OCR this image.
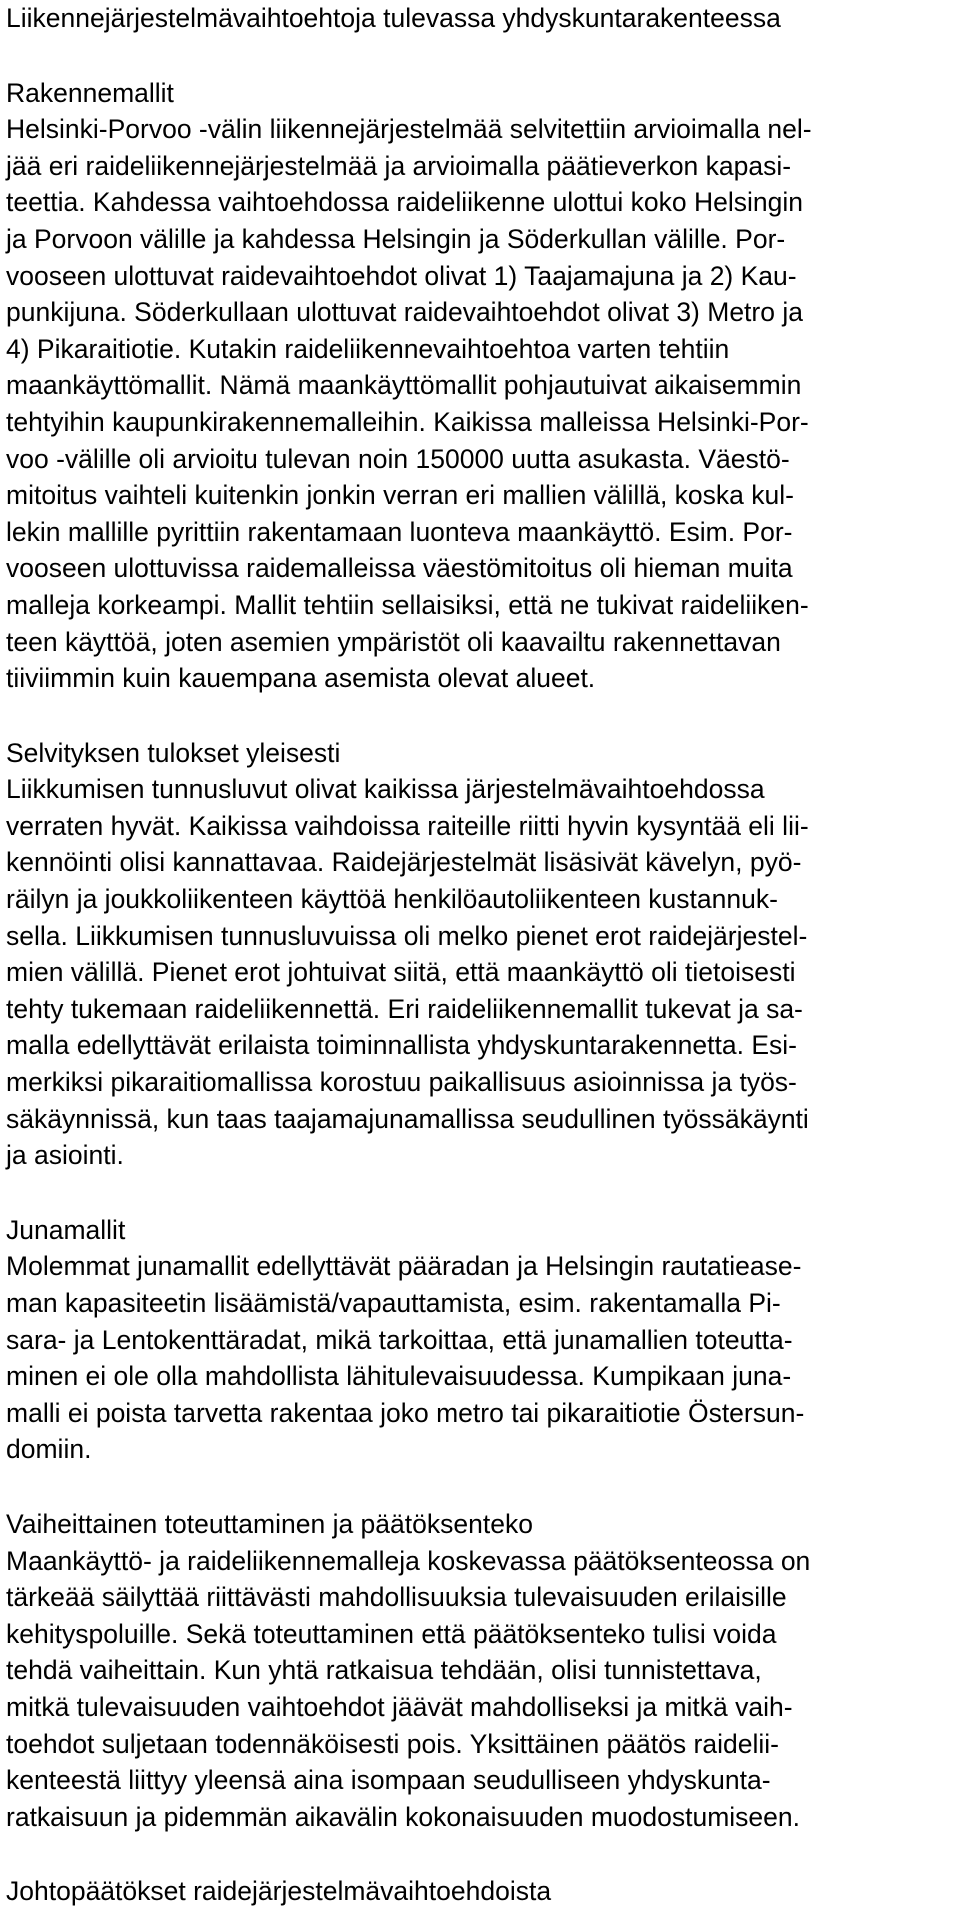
Liikennejärjestelmävaihtoehtoja tulevassa yhdyskuntarakenteessa
Rakennemallit
Helsinki-Porvoo -välin liikennejärjestelmää selvitettiin arvioimalla nel-
jää eri raideliikennejärjestelmää ja arvioimalla päätieverkon kapasi-
teettia. Kahdessa vaihtoehdossa raideliikenne ulottui koko Helsingin
ja Porvoon välille ja kahdessa Helsingin ja Söderkullan välille. Por-
vooseen ulottuvat raidevaihtoehdot olivat 1) Taajamajuna ja 2) Kau-
punkijuna. Söderkullaan ulottuvat raidevaihtoehdot olivat 3) Metro ja
4) Pikaraitiotie. Kutakin raideliikennevaihtoehtoa varten tehtiin
maankäyttömallit. Nämä maankäyttömallit pohjautuivat aikaisemmin
tehtyihin kaupunkirakennemalleihin. Kaikissa malleissa Helsinki-Por-
voo -välille oli arvioitu tulevan noin 150000 uutta asukasta. Väestö-
mitoitus vaihteli kuitenkin jonkin verran eri mallien välillä, koska kul-
lekin mallille pyrittiin rakentamaan luonteva maankäyttö. Esim. Por-
vooseen ulottuvissa raidemalleissa väestömitoitus oli hieman muita
malleja korkeampi. Mallit tehtiin sellaisiksi, että ne tukivat raideliiken-
teen käyttöä, joten asemien ympäristöt oli kaavailtu rakennettavan
tiiviimmin kuin kauempana asemista olevat alueet.
Selvityksen tulokset yleisesti
Liikkumisen tunnusluvut olivat kaikissa järjestelmävaihtoehdossa
verraten hyvät. Kaikissa vaihdoissa raiteille riitti hyvin kysyntää eli lii-
kennöinti olisi kannattavaa. Raidejärjestelmät lisäsivät kävelyn, pyö-
räilyn ja joukkoliikenteen käyttöä henkilöautoliikenteen kustannuk-
sella. Liikkumisen tunnusluvuissa oli melko pienet erot raidejärjestel-
mien välillä. Pienet erot johtuivat siitä, että maankäyttö oli tietoisesti
tehty tukemaan raideliikennettä. Eri raideliikennemallit tukevat ja sa-
malla edellyttävät erilaista toiminnallista yhdyskuntarakennetta. Esi-
merkiksi pikaraitiomallissa korostuu paikallisuus asioinnissa ja työs-
säkäynnissä, kun taas taajamajunamallissa seudullinen työssäkäynti
ja asiointi.
Junamallit
Molemmat junamallit edellyttävät pääradan ja Helsingin rautatiease-
man kapasiteetin lisäämistä/vapauttamista, esim. rakentamalla Pi-
sara- ja Lentokenttäradat, mikä tarkoittaa, että junamallien toteutta-
minen ei ole olla mahdollista lähitulevaisuudessa. Kumpikaan juna-
malli ei poista tarvetta rakentaa joko metro tai pikaraitiotie Östersun-
domiin.
Vaiheittainen toteuttaminen ja päätöksenteko
Maankäyttö- ja raideliikennemalleja koskevassa päätöksenteossa on
tärkeää säilyttää riittävästi mahdollisuuksia tulevaisuuden erilaisille
kehityspoluille. Sekä toteuttaminen että päätöksenteko tulisi voida
tehdä vaiheittain. Kun yhtä ratkaisua tehdään, olisi tunnistettava,
mitkä tulevaisuuden vaihtoehdot jäävät mahdolliseksi ja mitkä vaih-
toehdot suljetaan todennäköisesti pois. Yksittäinen päätös raidelii-
kenteestä liittyy yleensä aina isompaan seudulliseen yhdyskunta-
ratkaisuun ja pidemmän aikavälin kokonaisuuden muodostumiseen.
Johtopäätökset raidejärjestelmävaihtoehdoista
